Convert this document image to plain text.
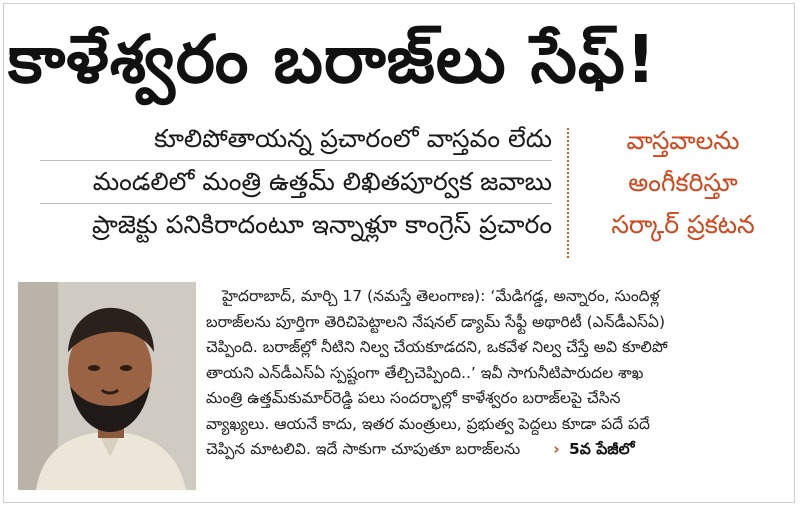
కాళేశ్వరం బరాజ్‌లు సేఫ్!
కూలిపోతాయన్న ప్రచారంలో వాస్తవం లేదు
మండలిలో మంత్రి ఉత్తమ్ లిఖితపూర్వక జవాబు
ప్రాజెక్టు పనికిరాదంటూ ఇన్నాళ్లూ కాంగ్రెస్ ప్రచారం
వాస్తవాలను
అంగీకరిస్తూ
సర్కార్ ప్రకటన
హైదరాబాద్, మార్చి 17 (నమస్తే తెలంగాణ): ‘మేడిగడ్డ, అన్నారం, సుందిళ్ల
బరాజ్‌లను పూర్తిగా తెరిచిపెట్టాలని నేషనల్ డ్యామ్ సేఫ్టీ అథారిటీ (ఎన్‌డీఎస్‌ఏ)
చెప్పింది. బరాజ్‌ల్లో నీటిని నిల్వ చేయకూడదని, ఒకవేళ నిల్వ చేస్తే అవి కూలిపో
తాయని ఎన్‌డీఎస్‌ఏ స్పష్టంగా తేల్చిచెప్పింది..’ ఇవీ సాగునీటిపారుదల శాఖ
మంత్రి ఉత్తమ్‌కుమార్‌రెడ్డి పలు సందర్భాల్లో కాళేశ్వరం బరాజ్‌లపై చేసిన
వ్యాఖ్యలు. ఆయనే కాదు, ఇతర మంత్రులు, ప్రభుత్వ పెద్దలు కూడా పదే పదే
చెప్పిన మాటలివి. ఇదే సాకుగా చూపుతూ బరాజ్‌లను › 5వ పేజీలో
